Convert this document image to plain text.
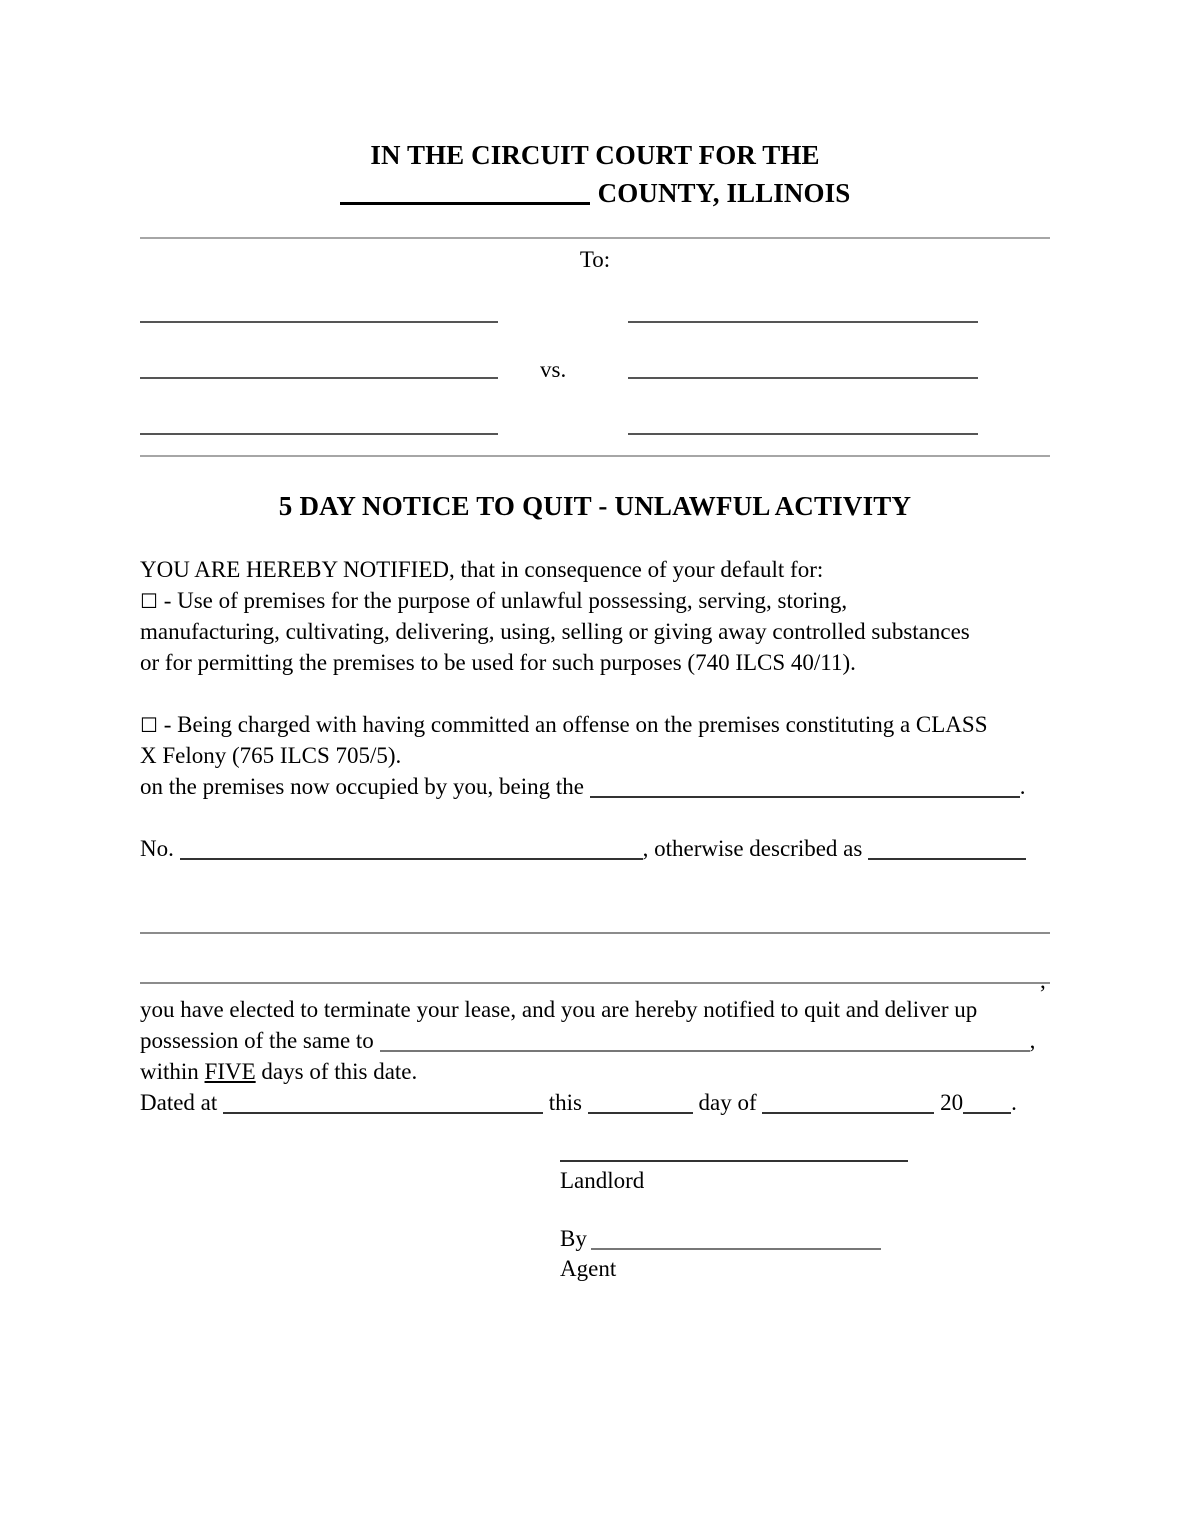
IN THE CIRCUIT COURT FOR THE
COUNTY, ILLINOIS
To:
vs.
5 DAY NOTICE TO QUIT - UNLAWFUL ACTIVITY

YOU ARE HEREBY NOTIFIED, that in consequence of your default for:

☐ - Use of premises for the purpose of unlawful possessing, serving, storing,

manufacturing, cultivating, delivering, using, selling or giving away controlled substances

or for permitting the premises to be used for such purposes (740 ILCS 40/11).

☐ - Being charged with having committed an offense on the premises constituting a CLASS

X Felony (765 ILCS 705/5).

on the premises now occupied by you, being the	.

No.	, otherwise described as

,

you have elected to terminate your lease, and you are hereby notified to quit and deliver up

possession of the same to	,

within FIVE days of this date.

Dated at	this	day of	20 .

Landlord
By
Agent
